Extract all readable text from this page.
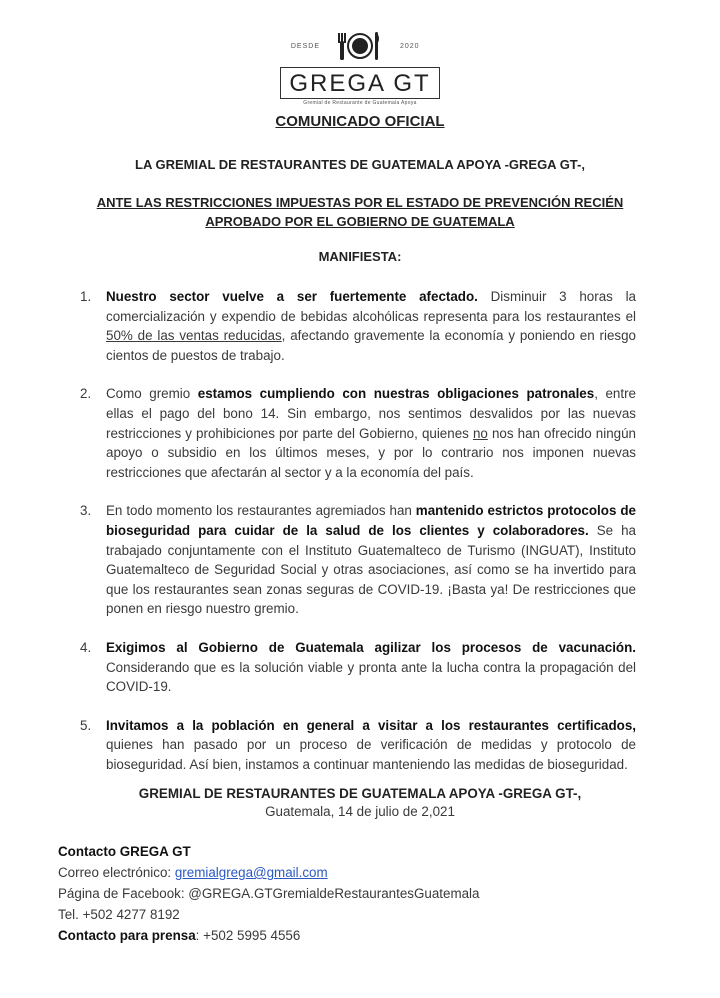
DESDE	2020
GREGA GT
Gremial de Restaurante de Guatemala Apoya
COMUNICADO OFICIAL
LA GREMIAL DE RESTAURANTES DE GUATEMALA APOYA -GREGA GT-,
ANTE LAS RESTRICCIONES IMPUESTAS POR EL ESTADO DE PREVENCIÓN RECIÉN APROBADO POR EL GOBIERNO DE GUATEMALA
MANIFIESTA:
1. Nuestro sector vuelve a ser fuertemente afectado. Disminuir 3 horas la comercialización y expendio de bebidas alcohólicas representa para los restaurantes el 50% de las ventas reducidas, afectando gravemente la economía y poniendo en riesgo cientos de puestos de trabajo.
2. Como gremio estamos cumpliendo con nuestras obligaciones patronales, entre ellas el pago del bono 14. Sin embargo, nos sentimos desvalidos por las nuevas restricciones y prohibiciones por parte del Gobierno, quienes no nos han ofrecido ningún apoyo o subsidio en los últimos meses, y por lo contrario nos imponen nuevas restricciones que afectarán al sector y a la economía del país.
3. En todo momento los restaurantes agremiados han mantenido estrictos protocolos de bioseguridad para cuidar de la salud de los clientes y colaboradores. Se ha trabajado conjuntamente con el Instituto Guatemalteco de Turismo (INGUAT), Instituto Guatemalteco de Seguridad Social y otras asociaciones, así como se ha invertido para que los restaurantes sean zonas seguras de COVID-19. ¡Basta ya! De restricciones que ponen en riesgo nuestro gremio.
4. Exigimos al Gobierno de Guatemala agilizar los procesos de vacunación. Considerando que es la solución viable y pronta ante la lucha contra la propagación del COVID-19.
5. Invitamos a la población en general a visitar a los restaurantes certificados, quienes han pasado por un proceso de verificación de medidas y protocolo de bioseguridad. Así bien, instamos a continuar manteniendo las medidas de bioseguridad.
GREMIAL DE RESTAURANTES DE GUATEMALA APOYA -GREGA GT-,
Guatemala, 14 de julio de 2,021
Contacto GREGA GT
Correo electrónico: gremialgrega@gmail.com
Página de Facebook: @GREGA.GTGremialdeRestaurantesGuatemala
Tel. +502 4277 8192
Contacto para prensa: +502 5995 4556
